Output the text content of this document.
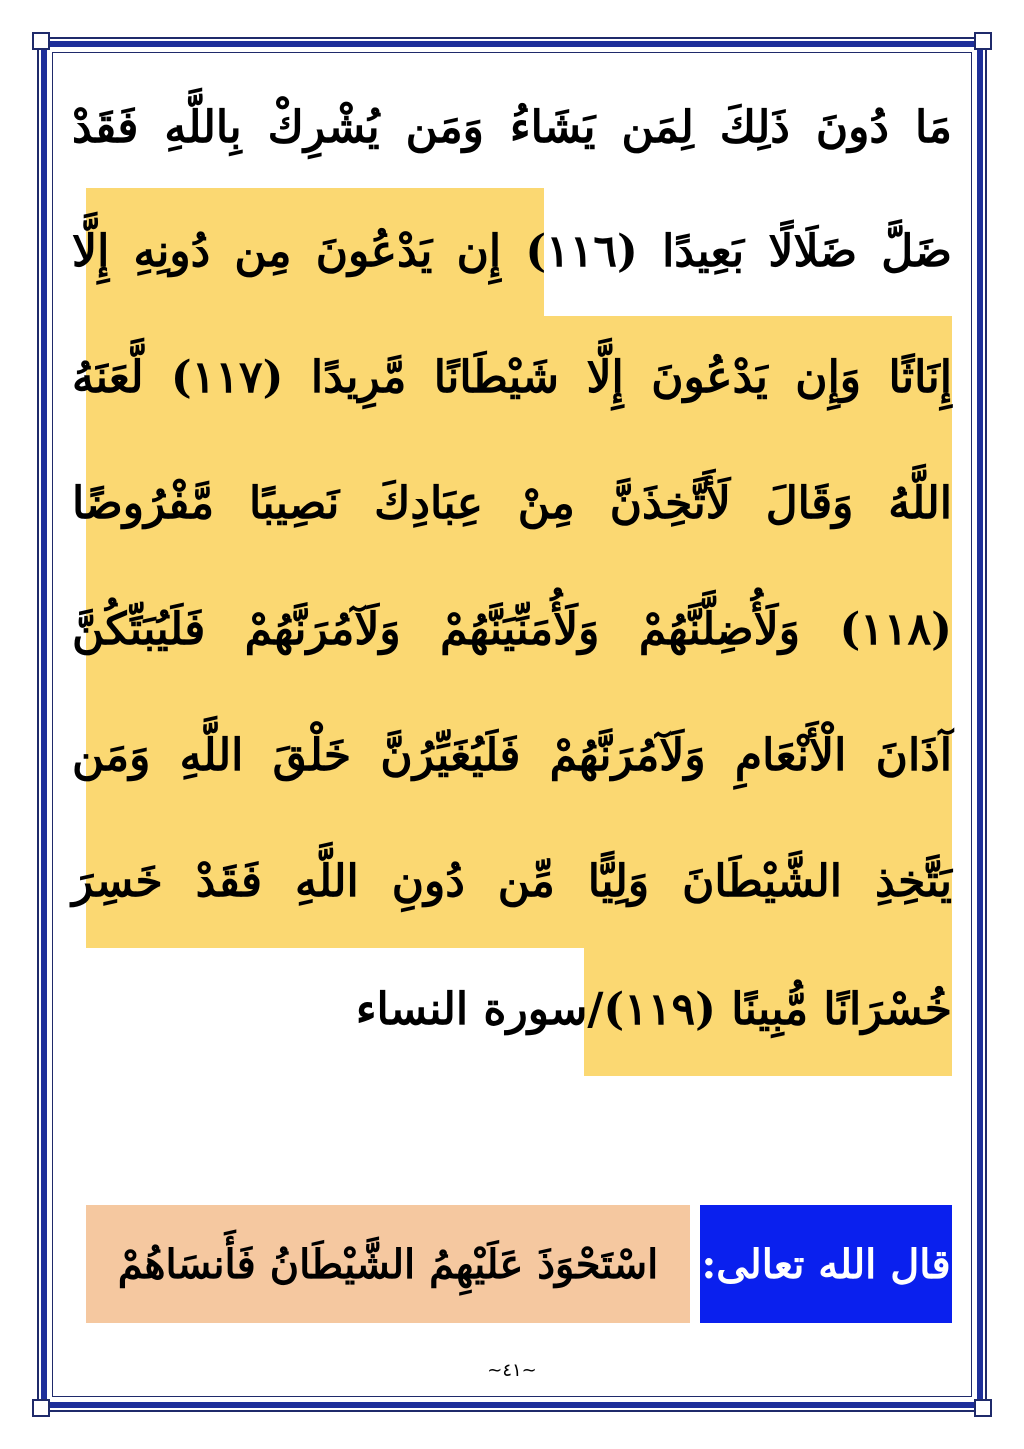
مَا دُونَ ذَلِكَ لِمَن يَشَاءُ وَمَن يُشْرِكْ بِاللَّهِ فَقَدْ
ضَلَّ ضَلَالًا بَعِيدًا (١١٦) إِن يَدْعُونَ مِن دُونِهِ إِلَّا
إِنَاثًا وَإِن يَدْعُونَ إِلَّا شَيْطَانًا مَّرِيدًا (١١٧) لَّعَنَهُ
اللَّهُ وَقَالَ لَأَتَّخِذَنَّ مِنْ عِبَادِكَ نَصِيبًا مَّفْرُوضًا
(١١٨) وَلَأُضِلَّنَّهُمْ وَلَأُمَنِّيَنَّهُمْ وَلَآمُرَنَّهُمْ فَلَيُبَتِّكُنَّ
آذَانَ الْأَنْعَامِ وَلَآمُرَنَّهُمْ فَلَيُغَيِّرُنَّ خَلْقَ اللَّهِ وَمَن
يَتَّخِذِ الشَّيْطَانَ وَلِيًّا مِّن دُونِ اللَّهِ فَقَدْ خَسِرَ
خُسْرَانًا مُّبِينًا (١١٩)/سورة النساء
قال الله تعالى:
اسْتَحْوَذَ عَلَيْهِمُ الشَّيْطَانُ فَأَنسَاهُمْ
~٤١~
